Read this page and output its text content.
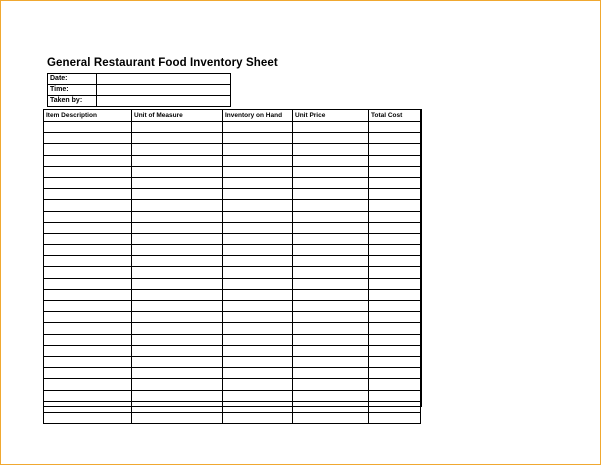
General Restaurant Food Inventory Sheet
Date:	
Time:	
Taken by:	
Item Description	Unit of Measure	Inventory on Hand	Unit Price	Total Cost
